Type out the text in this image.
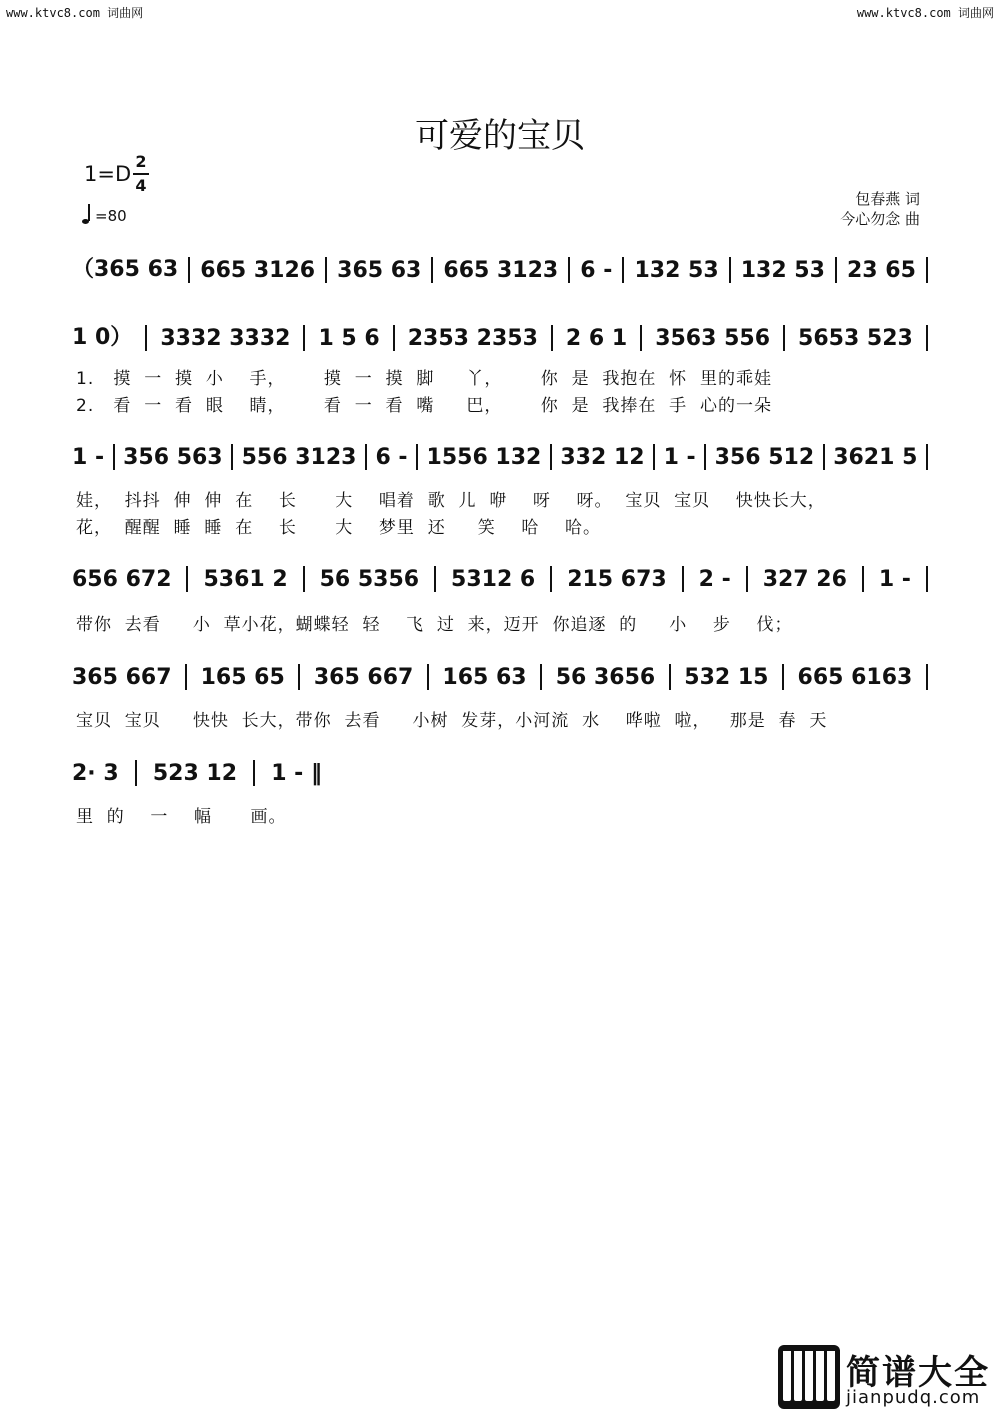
www.ktvc8.com 词曲网	www.ktvc8.com 词曲网
可爱的宝贝
1=D
2
4
=80
包春燕 词
今心勿念 曲
（365 63 665 3126 365 63 665 3123 6 - 132 53 132 53 23 65
1 0） 3332 3332 1 5 6 2353 2353 2 6 1 3563 556 5653 523
1 - 356 563 556 3123 6 - 1556 132 332 12 1 - 356 512 3621 5
656 672 5361 2 56 5356 5312 6 215 673 2 - 327 26 1 -
365 667 165 65 365 667 165 63 56 3656 532 15 665 6163
2· 3 523 12 1 - ‖
1.   摸  一  摸  小    手，      摸  一  摸  脚     丫，      你  是  我抱在  怀  里的乖娃
2.   看  一  看  眼    睛，      看  一  看  嘴     巴，      你  是  我捧在  手  心的一朵
娃，  抖抖  伸  伸  在    长      大    唱着  歌  儿  咿    呀    呀。  宝贝  宝贝    快快长大，
花，  醒醒  睡  睡  在    长      大    梦里  还     笑    哈    哈。
带你  去看     小  草小花，蝴蝶轻  轻    飞  过  来，迈开  你追逐  的     小    步    伐；
宝贝  宝贝     快快  长大，带你  去看     小树  发芽，小河流  水    哗啦  啦，   那是  春  天
里  的    一    幅      画。
简谱大全
jianpudq.com
